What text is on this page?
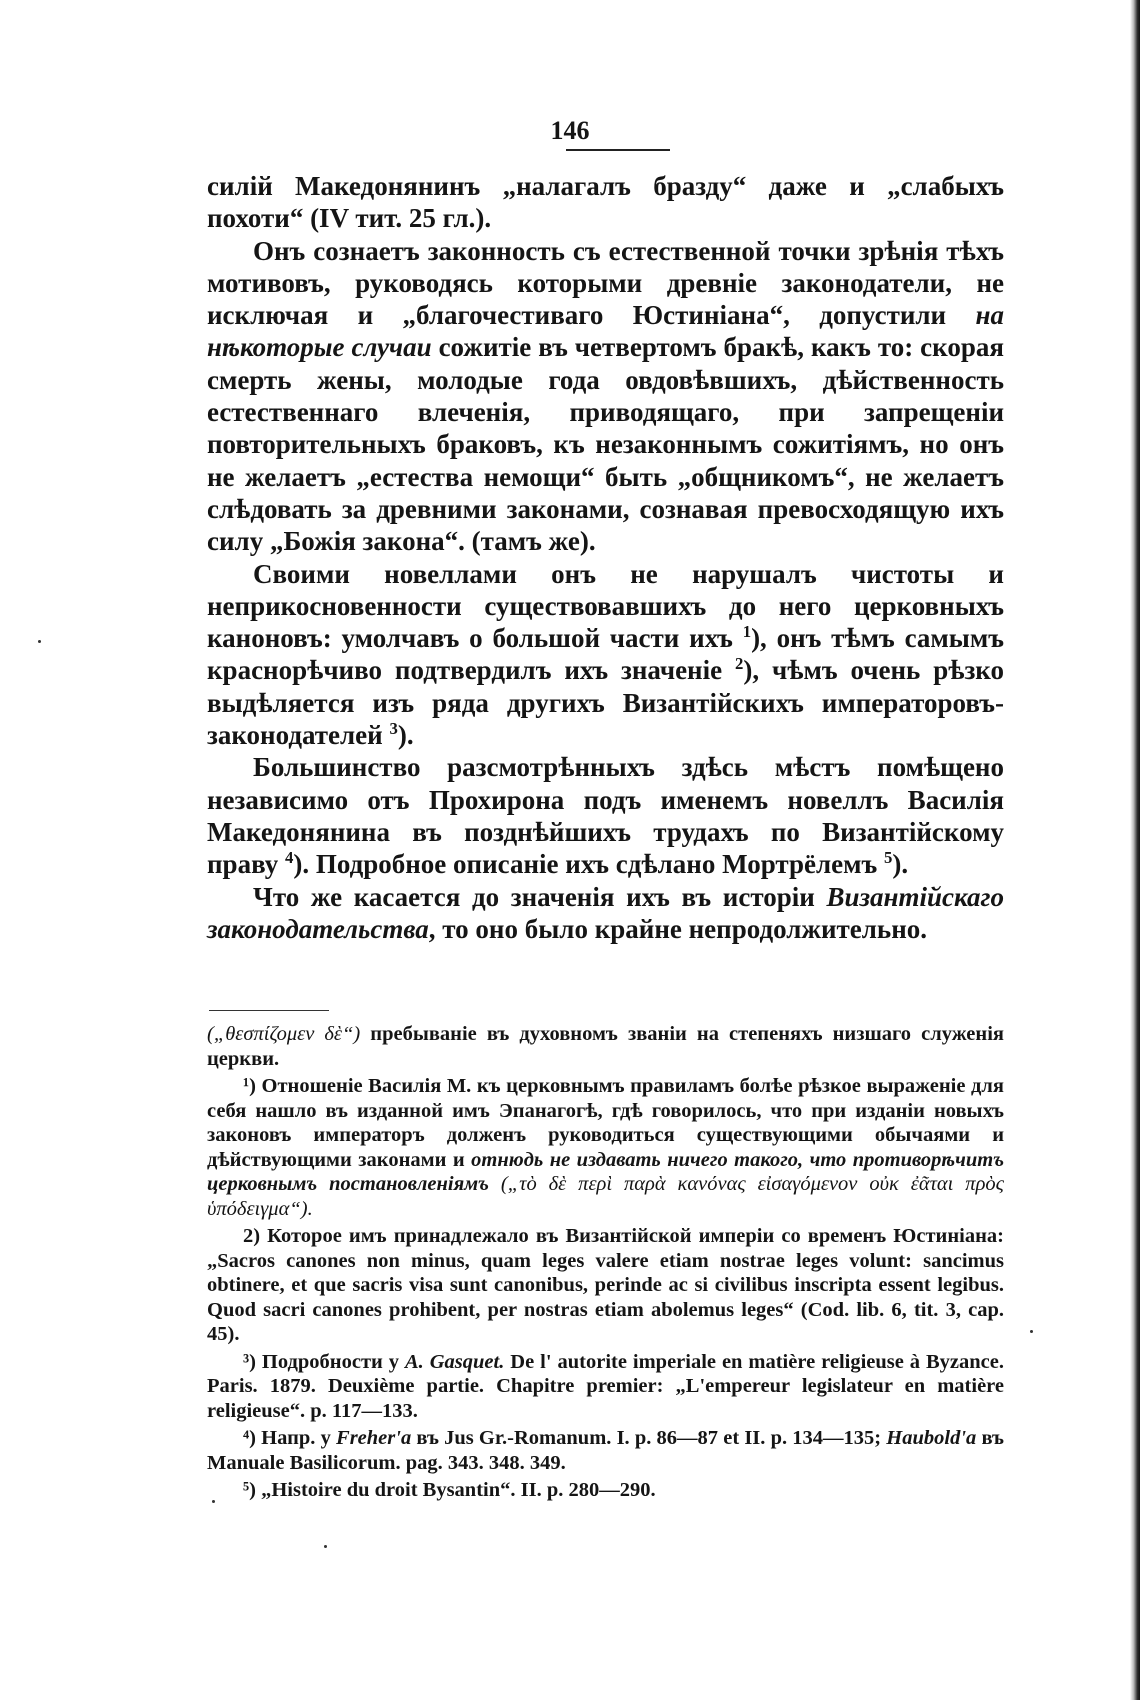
146

силій Македонянинъ „налагалъ бразду“ даже и „слабыхъ похоти“ (IV тит. 25 гл.).

Онъ сознаетъ законность съ естественной точки зрѣнія тѣхъ мотивовъ, руководясь которыми древніе законодатели, не исключая и „благочестиваго Юстиніана“, допустили на нѣкоторые случаи сожитіе въ четвертомъ бракѣ, какъ то: скорая смерть жены, молодые года овдовѣвшихъ, дѣйственность естественнаго влеченія, приводящаго, при запрещеніи повторительныхъ браковъ, къ незаконнымъ сожитіямъ, но онъ не желаетъ „естества немощи“ быть „общникомъ“, не желаетъ слѣдовать за древними законами, сознавая превосходящую ихъ силу „Божія закона“. (тамъ же).

Своими новеллами онъ не нарушалъ чистоты и неприкосновенности существовавшихъ до него церковныхъ каноновъ: умолчавъ о большой части ихъ $^1$), онъ тѣмъ самымъ краснорѣчиво подтвердилъ ихъ значеніе $^2$), чѣмъ очень рѣзко выдѣляется изъ ряда другихъ Византійскихъ императоровъ-законодателей $^3$).

Большинство разсмотрѣнныхъ здѣсь мѣстъ помѣщено независимо отъ Прохирона подъ именемъ новеллъ Василія Македонянина въ позднѣйшихъ трудахъ по Византійскому праву $^4$). Подробное описаніе ихъ сдѣлано Мортрёлемъ $^5$).

Что же касается до значенія ихъ въ исторіи Византійскаго законодательства, то оно было крайне непродолжительно.

(„θεσπίζομεν δὲ“) пребываніе въ духовномъ званіи на степеняхъ низшаго служенія церкви.

¹) Отношеніе Василія М. къ церковнымъ правиламъ болѣе рѣзкое выраженіе для себя нашло въ изданной имъ Эпанагогѣ, гдѣ говорилось, что при изданіи новыхъ законовъ императоръ долженъ руководиться существующими обычаями и дѣйствующими законами и отнюдь не издавать ничего такого, что противорѣчитъ церковнымъ постановленіямъ („τὸ δὲ περὶ παρὰ κανόνας εἰσαγόμενον οὐκ ἐᾶται πρὸς ὑπόδειγμα“).

2) Которое имъ принадлежало въ Византійской имперіи со временъ Юстиніана: „Sacros canones non minus, quam leges valere etiam nostrae leges volunt: sancimus obtinere, et que sacris visa sunt canonibus, perinde ac si civilibus inscripta essent legibus. Quod sacri canones prohibent, per nostras etiam abolemus leges“ (Cod. lib. 6, tit. 3, cap. 45).

³) Подробности у A. Gasquet. De l' autorite imperiale en matière religieuse à Byzance. Paris. 1879. Deuxième partie. Chapitre premier: „L'empereur legislateur en matière religieuse“. p. 117—133.

⁴) Напр. у Freher'a въ Jus Gr.-Romanum. I. p. 86—87 et II. p. 134—135; Haubold'a въ Manuale Basilicorum. pag. 343. 348. 349.

⁵) „Histoire du droit Bysantin“. II. p. 280—290.
